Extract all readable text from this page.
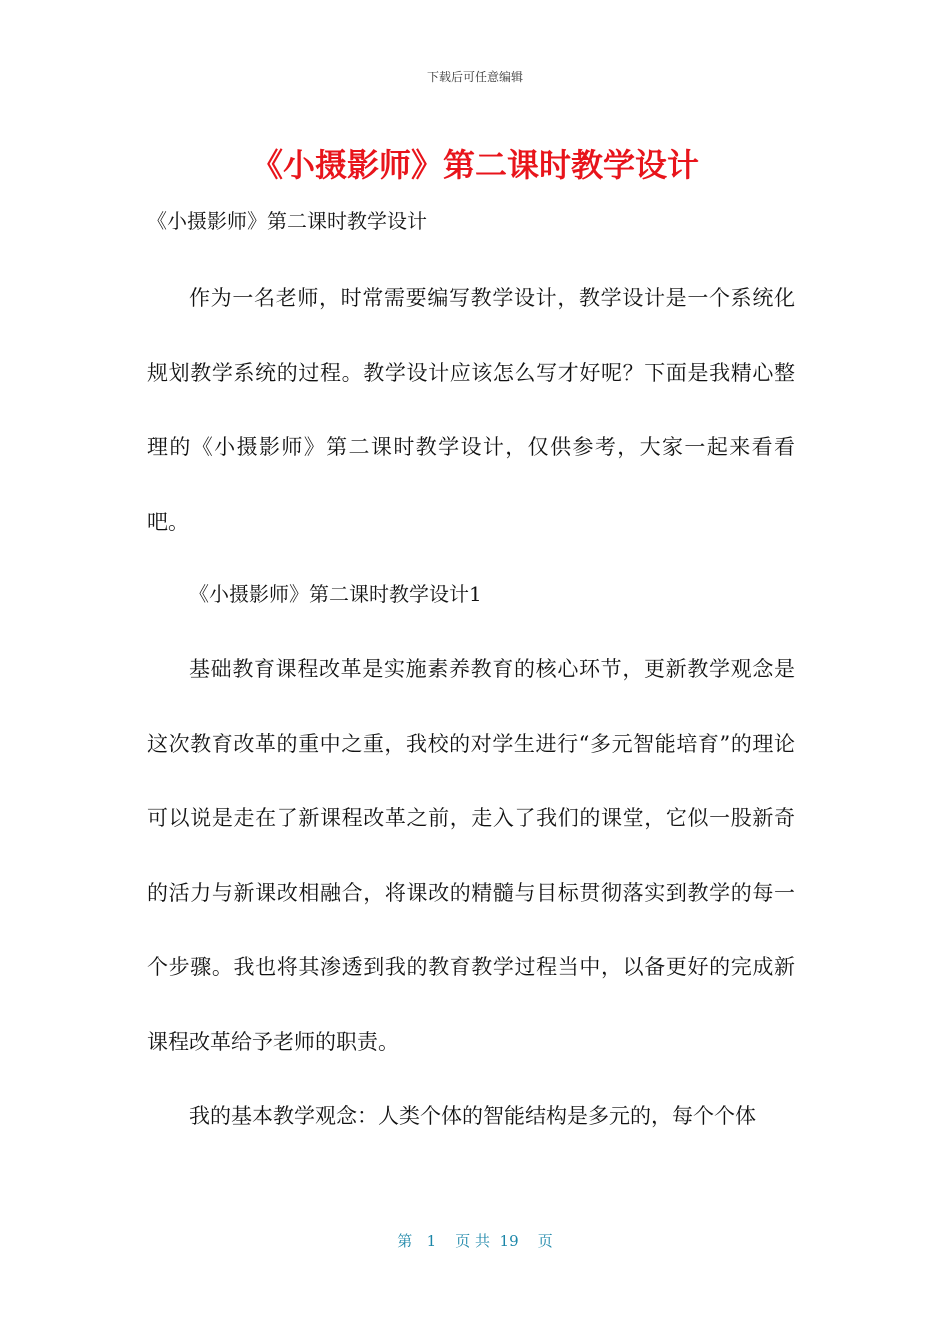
下载后可任意编辑
《小摄影师》第二课时教学设计
《小摄影师》第二课时教学设计

作为一名老师，时常需要编写教学设计，教学设计是一个系统化规划教学系统的过程。教学设计应该怎么写才好呢？下面是我精心整理的《小摄影师》第二课时教学设计，仅供参考，大家一起来看看吧。

《小摄影师》第二课时教学设计1

基础教育课程改革是实施素养教育的核心环节，更新教学观念是这次教育改革的重中之重，我校的对学生进行“多元智能培育”的理论可以说是走在了新课程改革之前，走入了我们的课堂，它似一股新奇的活力与新课改相融合，将课改的精髓与目标贯彻落实到教学的每一个步骤。我也将其渗透到我的教育教学过程当中，以备更好的完成新课程改革给予老师的职责。

我的基本教学观念：人类个体的智能结构是多元的，每个个体

第 1 页 共 19 页
